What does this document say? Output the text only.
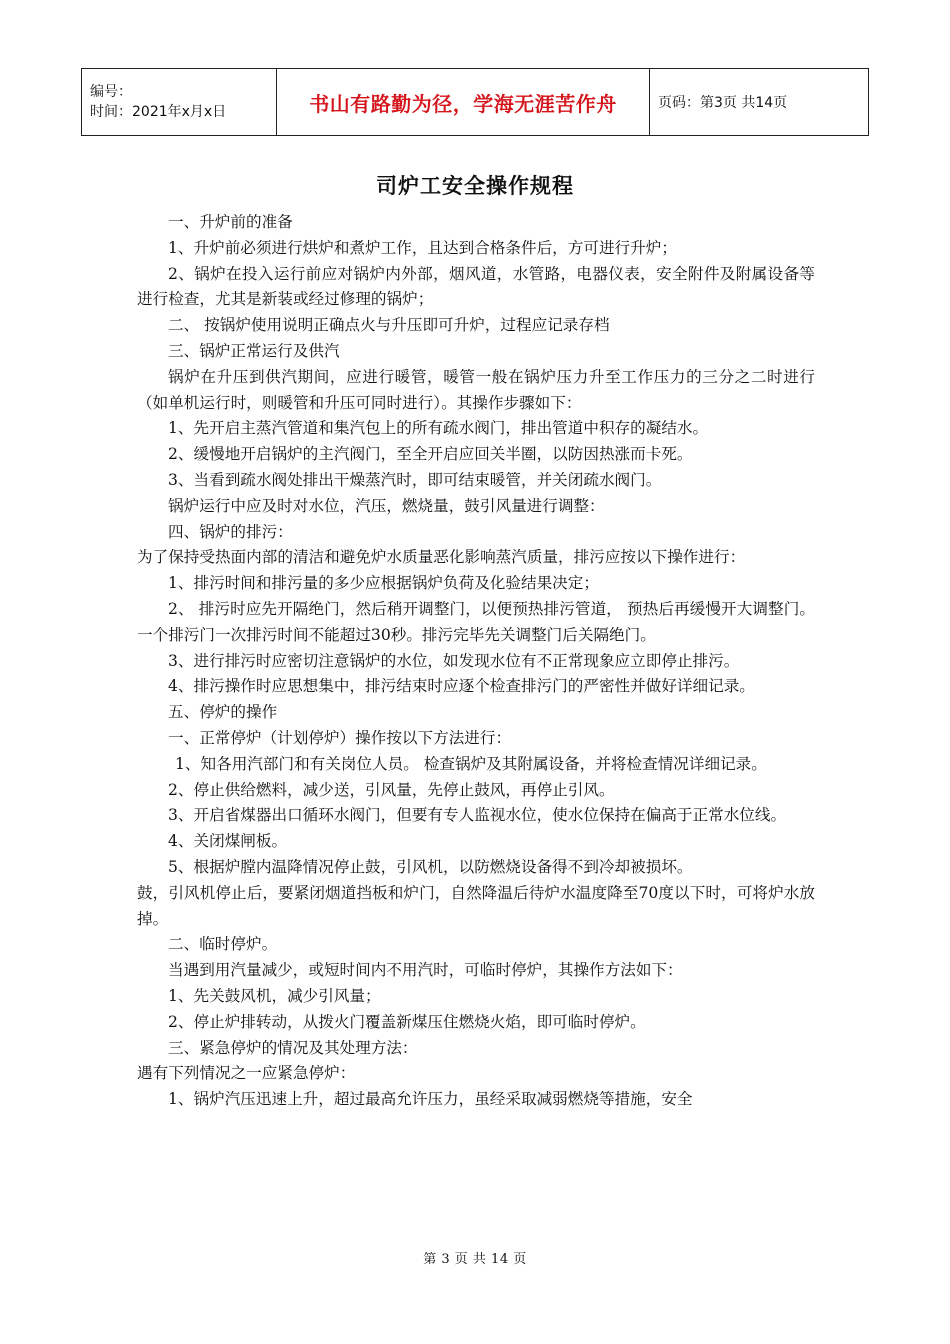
编号：
时间：2021年x月x日	书山有路勤为径，学海无涯苦作舟	页码：第3页 共14页
司炉工安全操作规程

一、升炉前的准备

1、升炉前必须进行烘炉和煮炉工作，且达到合格条件后，方可进行升炉；

2、锅炉在投入运行前应对锅炉内外部，烟风道，水管路，电器仪表，安全附件及附属设备等进行检查，尤其是新装或经过修理的锅炉；

二、 按锅炉使用说明正确点火与升压即可升炉，过程应记录存档

三、锅炉正常运行及供汽

锅炉在升压到供汽期间，应进行暖管，暖管一般在锅炉压力升至工作压力的三分之二时进行（如单机运行时，则暖管和升压可同时进行）。其操作步骤如下：

1、先开启主蒸汽管道和集汽包上的所有疏水阀门，排出管道中积存的凝结水。

2、缓慢地开启锅炉的主汽阀门，至全开启应回关半圈，以防因热涨而卡死。

3、当看到疏水阀处排出干燥蒸汽时，即可结束暖管，并关闭疏水阀门。

锅炉运行中应及时对水位，汽压，燃烧量，鼓引风量进行调整：

四、锅炉的排污：

为了保持受热面内部的清洁和避免炉水质量恶化影响蒸汽质量，排污应按以下操作进行：

1、排污时间和排污量的多少应根据锅炉负荷及化验结果决定；

2、 排污时应先开隔绝门，然后稍开调整门，以便预热排污管道， 预热后再缓慢开大调整门。一个排污门一次排污时间不能超过30秒。排污完毕先关调整门后关隔绝门。

3、进行排污时应密切注意锅炉的水位，如发现水位有不正常现象应立即停止排污。

4、排污操作时应思想集中，排污结束时应逐个检查排污门的严密性并做好详细记录。

五、停炉的操作

一、正常停炉（计划停炉）操作按以下方法进行：

1、知各用汽部门和有关岗位人员。 检查锅炉及其附属设备，并将检查情况详细记录。

2、停止供给燃料，减少送，引风量，先停止鼓风，再停止引风。

3、开启省煤器出口循环水阀门，但要有专人监视水位，使水位保持在偏高于正常水位线。

4、关闭煤闸板。

5、根据炉膛内温降情况停止鼓，引风机，以防燃烧设备得不到冷却被损坏。

鼓，引风机停止后，要紧闭烟道挡板和炉门，自然降温后待炉水温度降至70度以下时，可将炉水放掉。

二、临时停炉。

当遇到用汽量减少，或短时间内不用汽时，可临时停炉，其操作方法如下：

1、先关鼓风机，减少引风量；

2、停止炉排转动，从拨火门覆盖新煤压住燃烧火焰，即可临时停炉。

三、紧急停炉的情况及其处理方法：

遇有下列情况之一应紧急停炉：

1、锅炉汽压迅速上升，超过最高允许压力，虽经采取减弱燃烧等措施，安全

第 3 页 共 14 页
